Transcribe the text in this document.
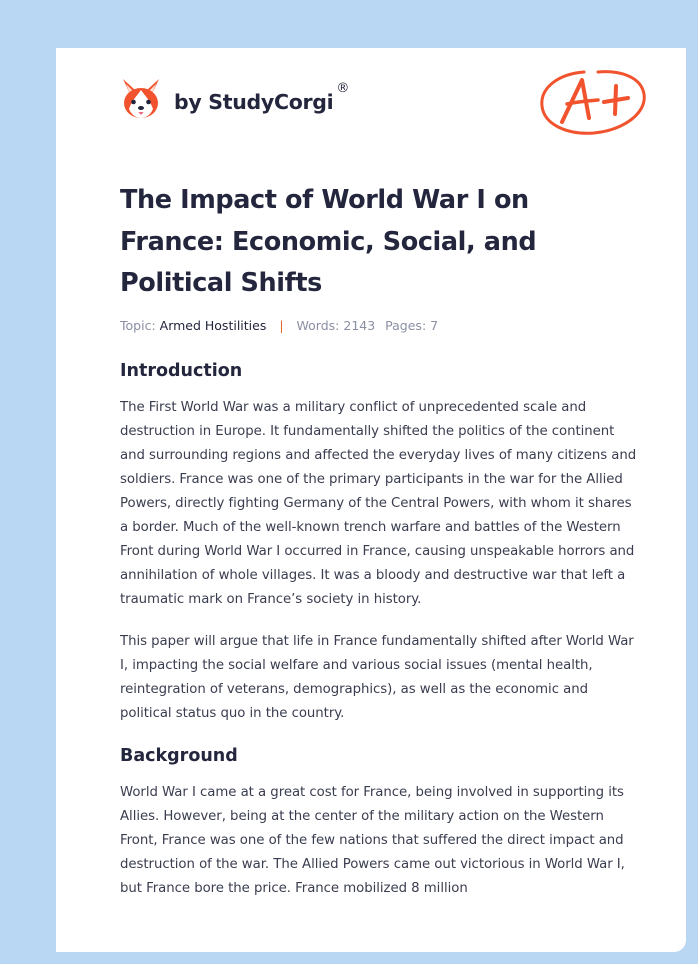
by StudyCorgi
®
The Impact of World War I on France: Economic, Social, and Political Shifts
Topic: Armed Hostilities | Words: 2143 Pages: 7
Introduction

The First World War was a military conflict of unprecedented scale and destruction in Europe. It fundamentally shifted the politics of the continent and surrounding regions and affected the everyday lives of many citizens and soldiers. France was one of the primary participants in the war for the Allied Powers, directly fighting Germany of the Central Powers, with whom it shares a border. Much of the well-known trench warfare and battles of the Western Front during World War I occurred in France, causing unspeakable horrors and annihilation of whole villages. It was a bloody and destructive war that left a traumatic mark on France’s society in history.

This paper will argue that life in France fundamentally shifted after World War I, impacting the social welfare and various social issues (mental health, reintegration of veterans, demographics), as well as the economic and political status quo in the country.

Background

World War I came at a great cost for France, being involved in supporting its Allies. However, being at the center of the military action on the Western Front, France was one of the few nations that suffered the direct impact and destruction of the war. The Allied Powers came out victorious in World War I, but France bore the price. France mobilized 8 million
